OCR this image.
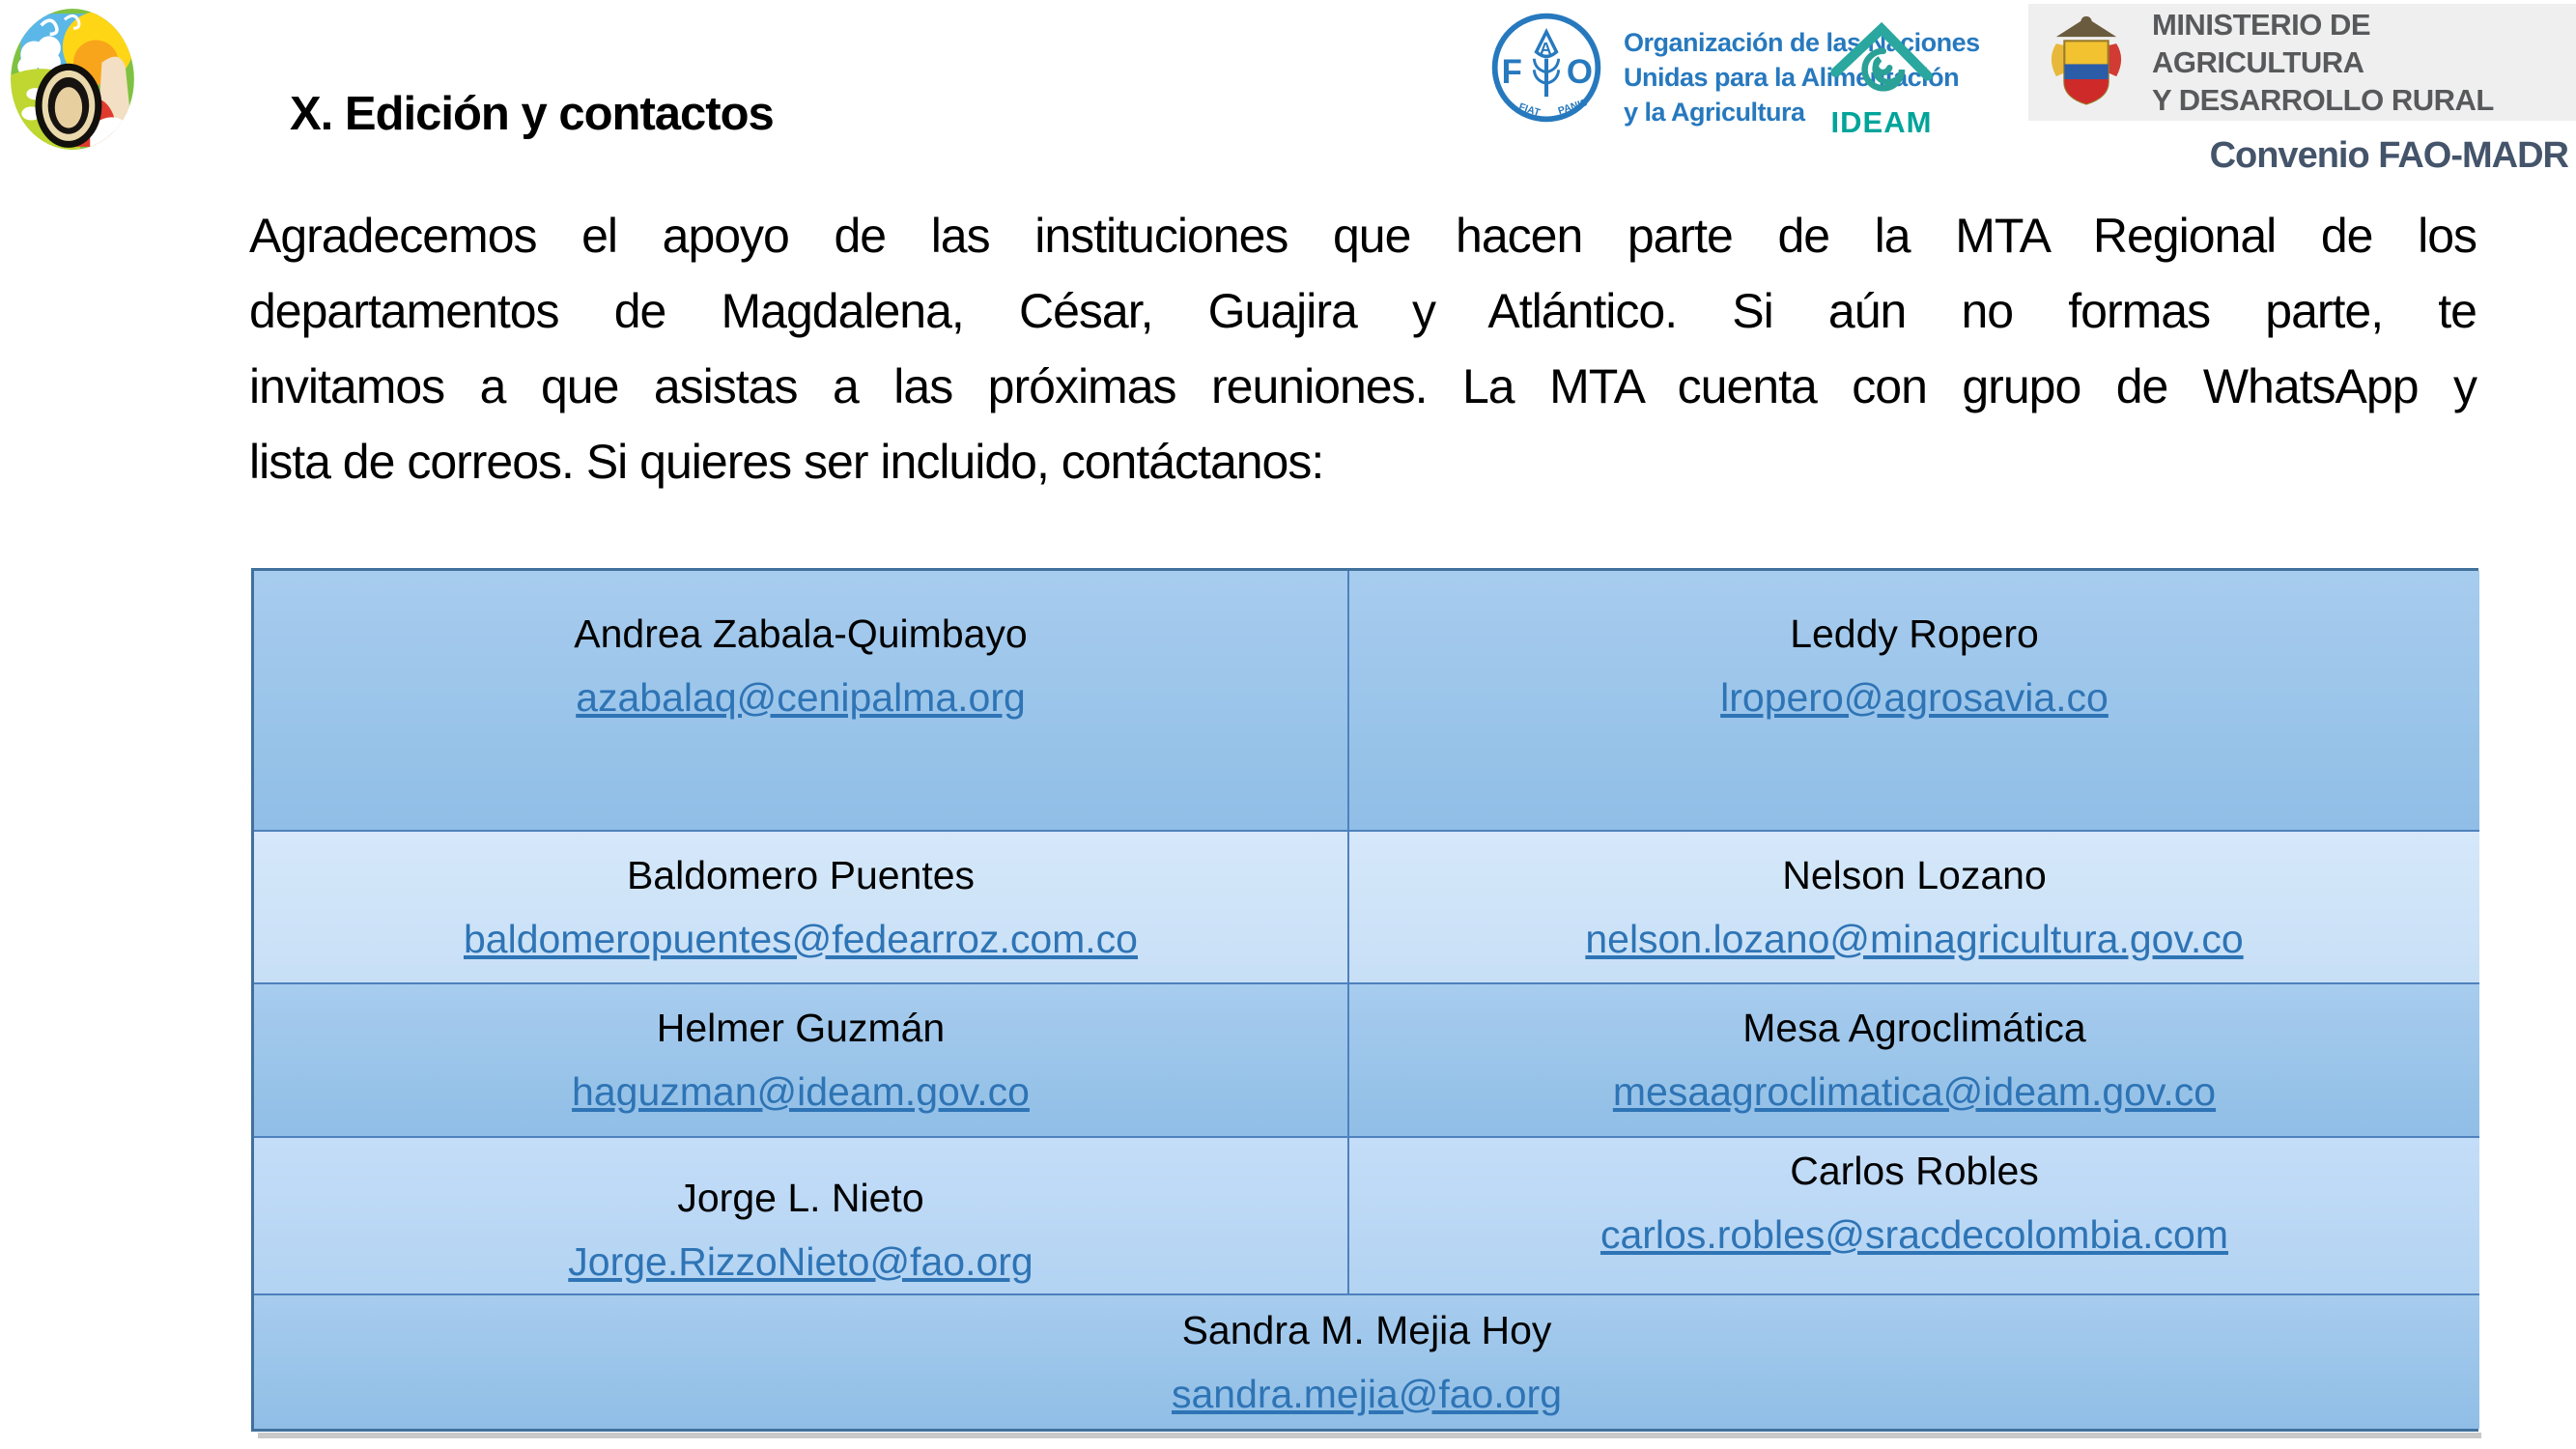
X. Edición y contactos
F O
A
FIAT PANIS
Organización de las Naciones
Unidas para la Alimentación
y la Agricultura IDEAM
MINISTERIO DE AGRICULTURA
Y DESARROLLO RURAL
Convenio FAO-MADR
Agradecemos el apoyo de las instituciones que hacen parte de la MTA Regional de los
departamentos de Magdalena, César, Guajira y Atlántico. Si aún no formas parte, te
invitamos a que asistas a las próximas reuniones. La MTA cuenta con grupo de WhatsApp y
lista de correos. Si quieres ser incluido, contáctanos:
Andrea Zabala-Quimbayo
azabalaq@cenipalma.org
Leddy Ropero
lropero@agrosavia.co
Baldomero Puentes
baldomeropuentes@fedearroz.com.co
Nelson Lozano
nelson.lozano@minagricultura.gov.co
Helmer Guzmán
haguzman@ideam.gov.co
Mesa Agroclimática
mesaagroclimatica@ideam.gov.co
Jorge L. Nieto
Jorge.RizzoNieto@fao.org
Carlos Robles
carlos.robles@sracdecolombia.com
Sandra M. Mejia Hoy
sandra.mejia@fao.org
